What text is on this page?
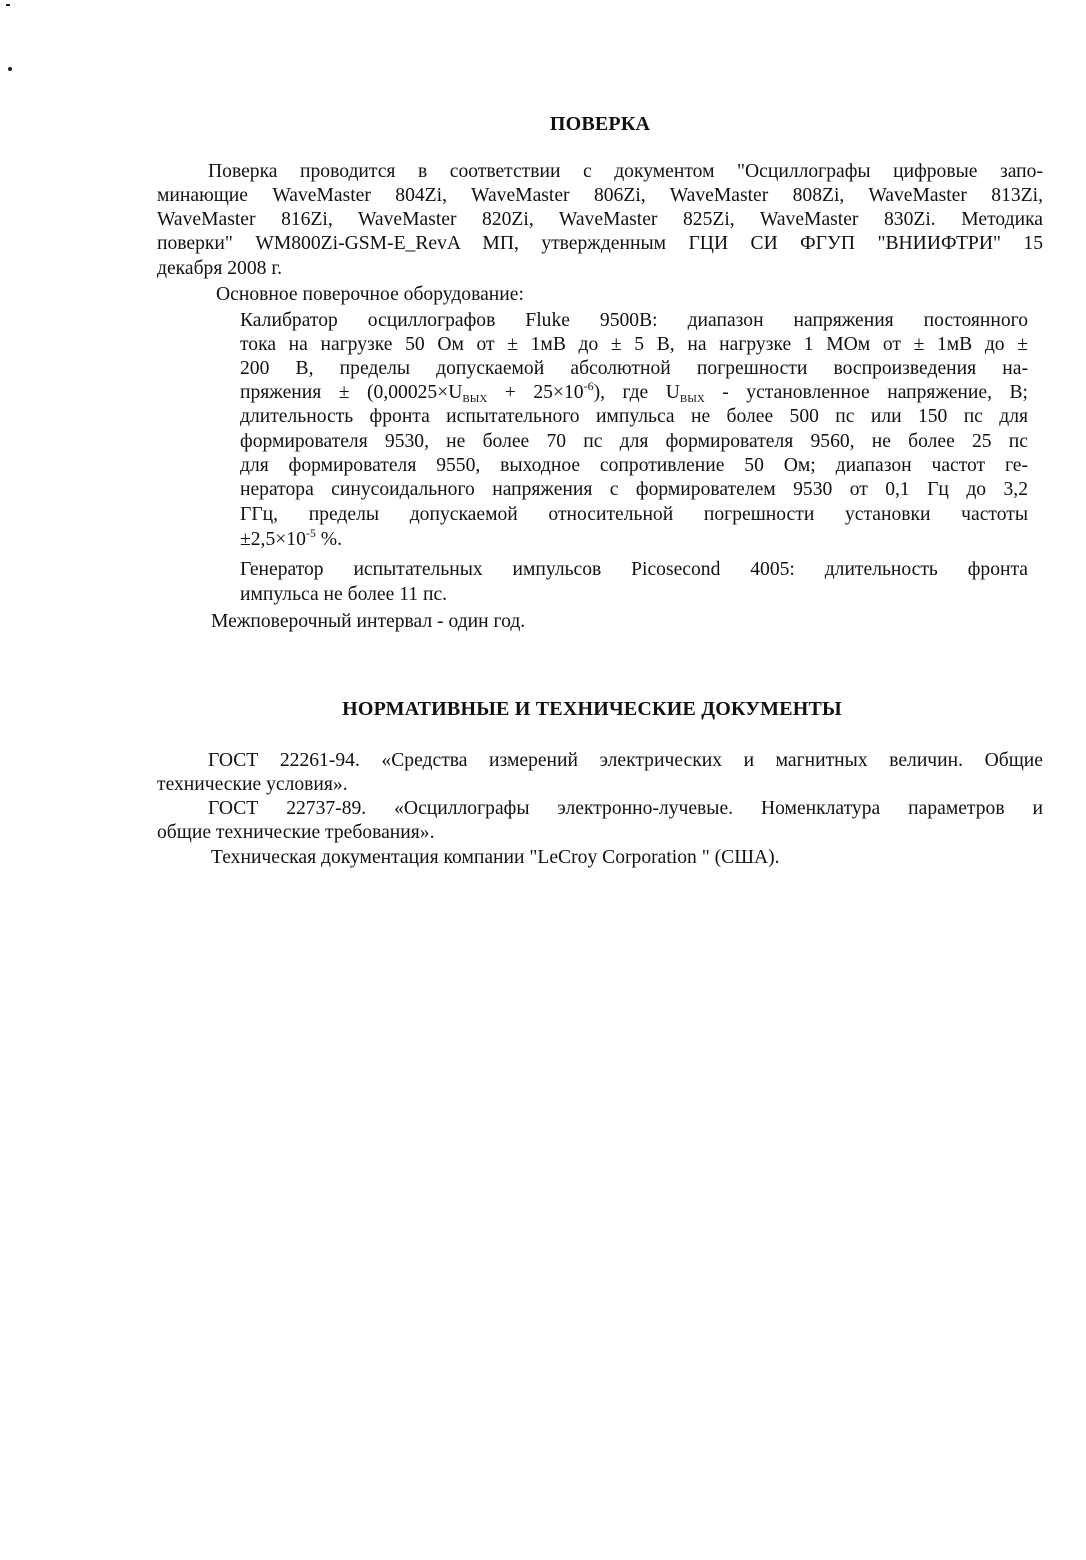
ПОВЕРКА
Поверка проводится в соответствии с документом "Осциллографы цифровые запо-
минающие WaveMaster 804Zi, WaveMaster 806Zi, WaveMaster 808Zi, WaveMaster 813Zi,
WaveMaster 816Zi, WaveMaster 820Zi, WaveMaster 825Zi, WaveMaster 830Zi. Методика
поверки" WM800Zi-GSM-E_RevA МП, утвержденным ГЦИ СИ ФГУП "ВНИИФТРИ" 15
декабря 2008 г.
Основное поверочное оборудование:
Калибратор осциллографов Fluke 9500В: диапазон напряжения постоянного
тока на нагрузке 50 Ом от ± 1мВ до ± 5 В, на нагрузке 1 МОм от ± 1мВ до ±
200 В, пределы допускаемой абсолютной погрешности воспроизведения на-
пряжения ± $(0,00025\times U_{ВЫХ} + 25\times 10^{-6})$, где $U_{ВЫХ}$ - установленное напряжение, В;
длительность фронта испытательного импульса не более 500 пс или 150 пс для
формирователя 9530, не более 70 пс для формирователя 9560, не более 25 пс
для формирователя 9550, выходное сопротивление 50 Ом; диапазон частот ге-
нератора синусоидального напряжения с формирователем 9530 от 0,1 Гц до 3,2
ГГц, пределы допускаемой относительной погрешности установки частоты
$\pm 2,5\times 10^{-5}$ %.
Генератор испытательных импульсов Picosecond 4005: длительность фронта
импульса не более 11 пс.
Межповерочный интервал - один год.
НОРМАТИВНЫЕ И ТЕХНИЧЕСКИЕ ДОКУМЕНТЫ
ГОСТ 22261-94. «Средства измерений электрических и магнитных величин. Общие
технические условия».
ГОСТ 22737-89. «Осциллографы электронно-лучевые. Номенклатура параметров и
общие технические требования».
Техническая документация компании "LeCroy Corporation " (США).
